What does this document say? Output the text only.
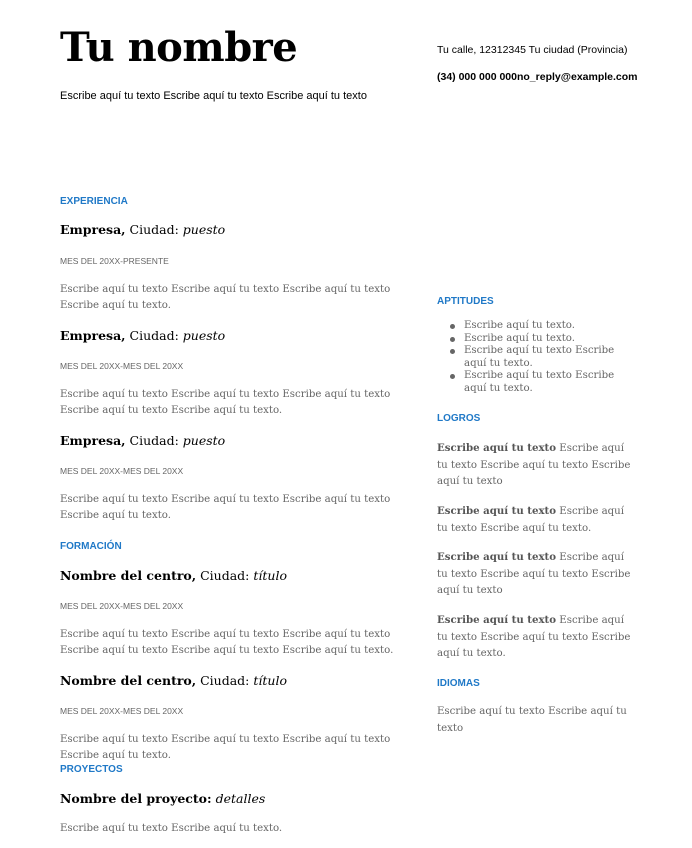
Tu nombre

Escribe aquí tu texto Escribe aquí tu texto Escribe aquí tu texto

Tu calle, 12312345 Tu ciudad (Provincia)

(34) 000 000 000no_reply@example.com

EXPERIENCIA

Empresa, Ciudad: puesto

MES DEL 20XX-PRESENTE

Escribe aquí tu texto Escribe aquí tu texto Escribe aquí tu texto Escribe aquí tu texto.

Empresa, Ciudad: puesto

MES DEL 20XX-MES DEL 20XX

Escribe aquí tu texto Escribe aquí tu texto Escribe aquí tu texto Escribe aquí tu texto Escribe aquí tu texto.

Empresa, Ciudad: puesto

MES DEL 20XX-MES DEL 20XX

Escribe aquí tu texto Escribe aquí tu texto Escribe aquí tu texto Escribe aquí tu texto.

FORMACIÓN

Nombre del centro, Ciudad: título

MES DEL 20XX-MES DEL 20XX

Escribe aquí tu texto Escribe aquí tu texto Escribe aquí tu texto Escribe aquí tu texto Escribe aquí tu texto Escribe aquí tu texto.

Nombre del centro, Ciudad: título

MES DEL 20XX-MES DEL 20XX

Escribe aquí tu texto Escribe aquí tu texto Escribe aquí tu texto Escribe aquí tu texto.

PROYECTOS

Nombre del proyecto: detalles

Escribe aquí tu texto Escribe aquí tu texto.

APTITUDES

Escribe aquí tu texto.
Escribe aquí tu texto.
Escribe aquí tu texto Escribe aquí tu texto.
Escribe aquí tu texto Escribe aquí tu texto.

LOGROS

Escribe aquí tu texto Escribe aquí tu texto Escribe aquí tu texto Escribe aquí tu texto

Escribe aquí tu texto Escribe aquí tu texto Escribe aquí tu texto.

Escribe aquí tu texto Escribe aquí tu texto Escribe aquí tu texto Escribe aquí tu texto

Escribe aquí tu texto Escribe aquí tu texto Escribe aquí tu texto Escribe aquí tu texto.

IDIOMAS

Escribe aquí tu texto Escribe aquí tu texto
